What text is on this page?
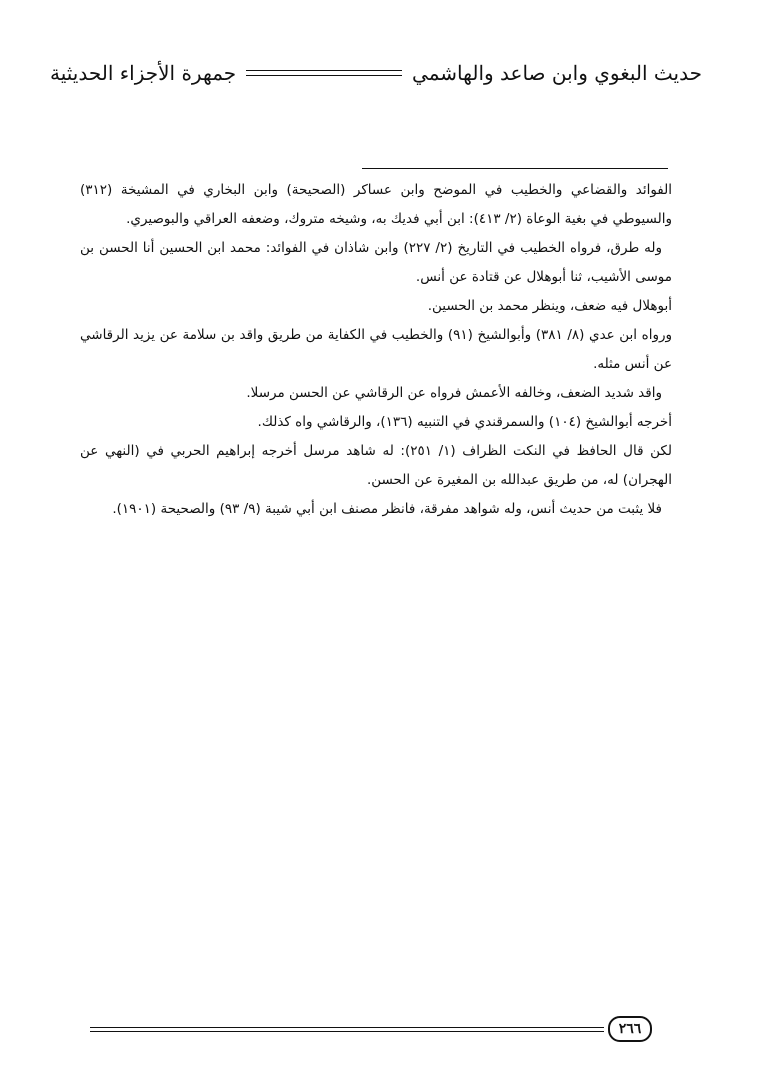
حديث البغوي وابن صاعد والهاشمي
جمهرة الأجزاء الحديثية

الفوائد والقضاعي والخطيب في الموضح وابن عساكر (الصحيحة) وابن البخاري في المشيخة (٣١٢) والسيوطي في بغية الوعاة (٢/ ٤١٣): ابن أبي فديك به، وشيخه متروك، وضعفه العراقي والبوصيري.

وله طرق، فرواه الخطيب في التاريخ (٢/ ٢٢٧) وابن شاذان في الفوائد: محمد ابن الحسين أنا الحسن بن موسى الأشيب، ثنا أبوهلال عن قتادة عن أنس.

أبوهلال فيه ضعف، وينظر محمد بن الحسين.

ورواه ابن عدي (٨/ ٣٨١) وأبوالشيخ (٩١) والخطيب في الكفاية من طريق واقد بن سلامة عن يزيد الرقاشي عن أنس مثله.

واقد شديد الضعف، وخالفه الأعمش فرواه عن الرقاشي عن الحسن مرسلا.

أخرجه أبوالشيخ (١٠٤) والسمرقندي في التنبيه (١٣٦)، والرقاشي واه كذلك.

لكن قال الحافظ في النكت الظراف (١/ ٢٥١): له شاهد مرسل أخرجه إبراهيم الحربي في (النهي عن الهجران) له، من طريق عبدالله بن المغيرة عن الحسن.

فلا يثبت من حديث أنس، وله شواهد مفرقة، فانظر مصنف ابن أبي شيبة (٩/ ٩٣) والصحيحة (١٩٠١).

٢٦٦
